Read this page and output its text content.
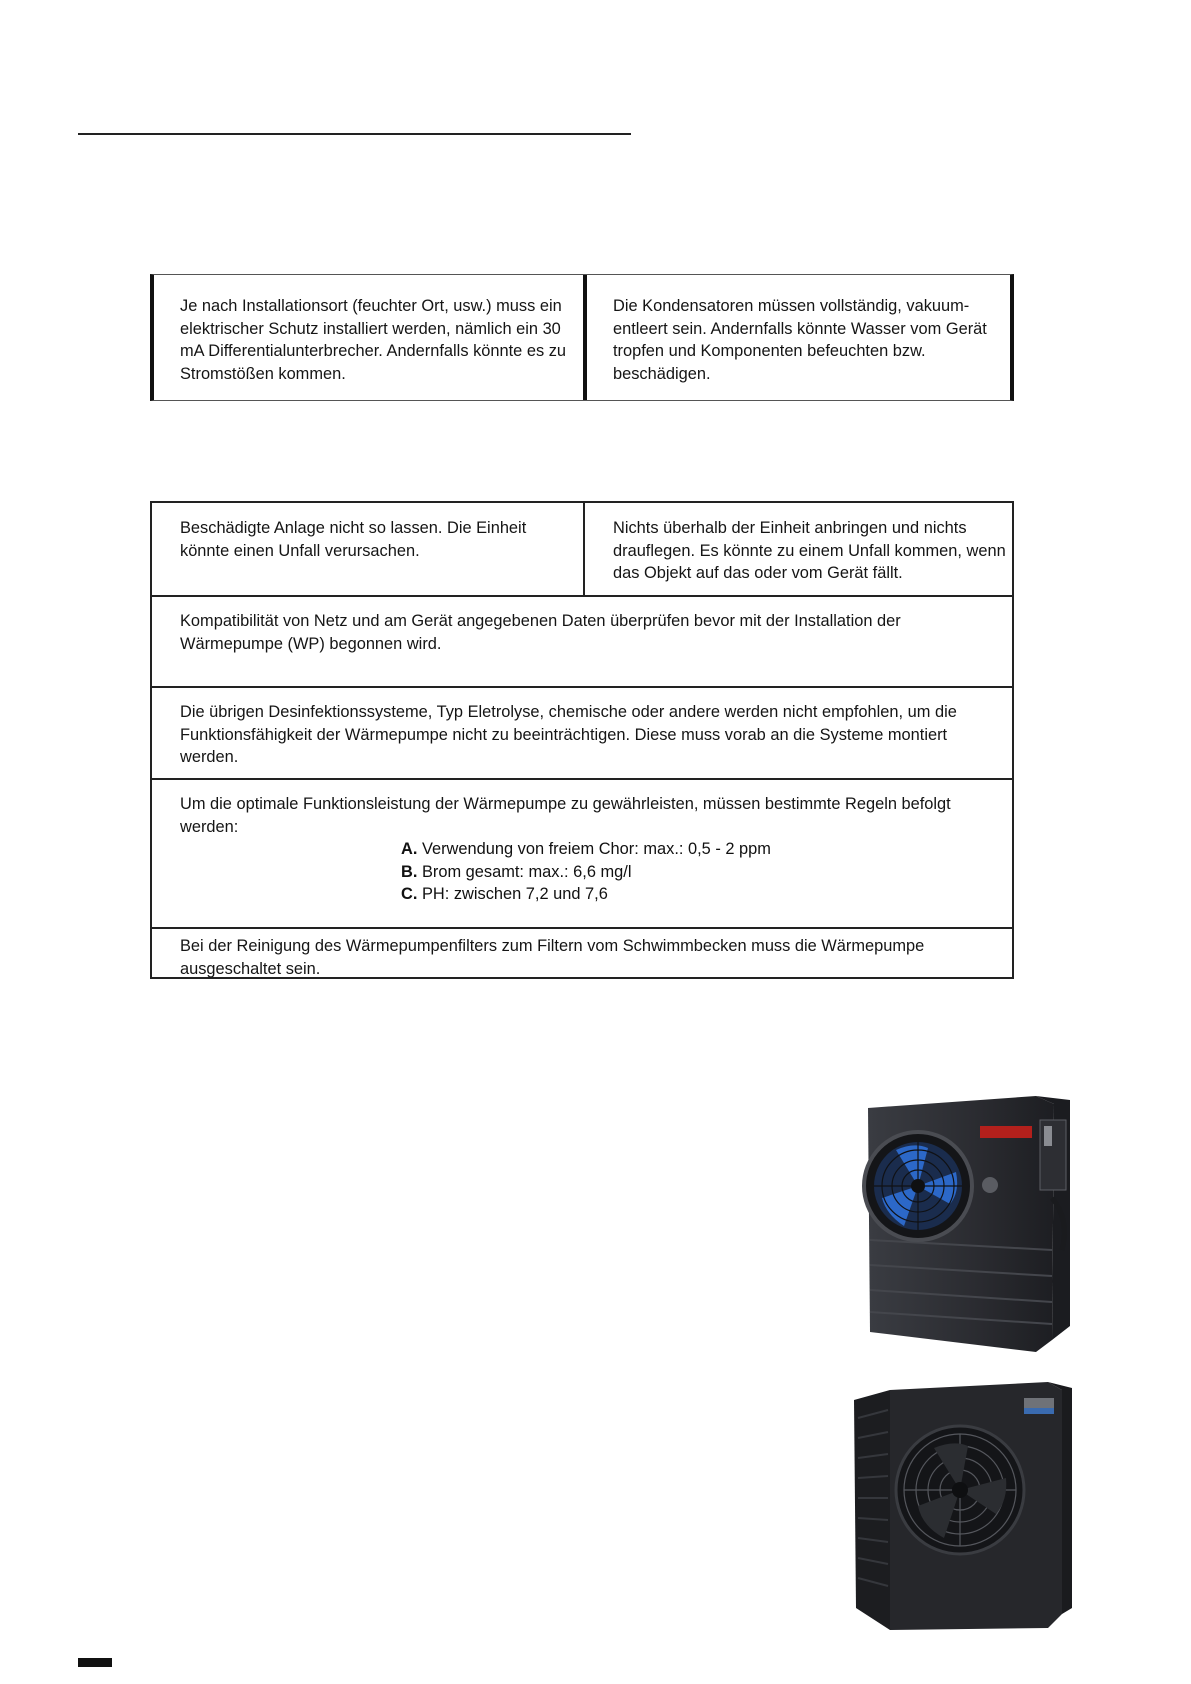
Je nach Installationsort (feuchter Ort, usw.) muss ein elektrischer Schutz installiert werden, nämlich ein 30 mA Differentialunterbrecher. Andernfalls könnte es zu Stromstößen kommen.
Die Kondensatoren müssen vollständig, vakuum-entleert sein. Andernfalls könnte Wasser vom Gerät tropfen und Komponenten befeuchten bzw. beschädigen.
Beschädigte Anlage nicht so lassen. Die Einheit könnte einen Unfall verursachen.
Nichts überhalb der Einheit anbringen und nichts drauflegen. Es könnte zu einem Unfall kommen, wenn das Objekt auf das oder vom Gerät fällt.
Kompatibilität von Netz und am Gerät angegebenen Daten überprüfen bevor mit der Installation der Wärmepumpe (WP) begonnen wird.
Die übrigen Desinfektionssysteme, Typ Eletrolyse, chemische oder andere werden nicht empfohlen, um die Funktionsfähigkeit der Wärmepumpe nicht zu beeinträchtigen. Diese muss vorab an die Systeme montiert werden.
Um die optimale Funktionsleistung der Wärmepumpe zu gewährleisten, müssen bestimmte Regeln befolgt werden:
A. Verwendung von freiem Chor: max.: 0,5 - 2 ppm
B. Brom gesamt: max.: 6,6 mg/l
C. PH: zwischen 7,2 und 7,6
Bei der Reinigung des Wärmepumpenfilters zum Filtern vom Schwimmbecken muss die Wärmepumpe ausgeschaltet sein.
